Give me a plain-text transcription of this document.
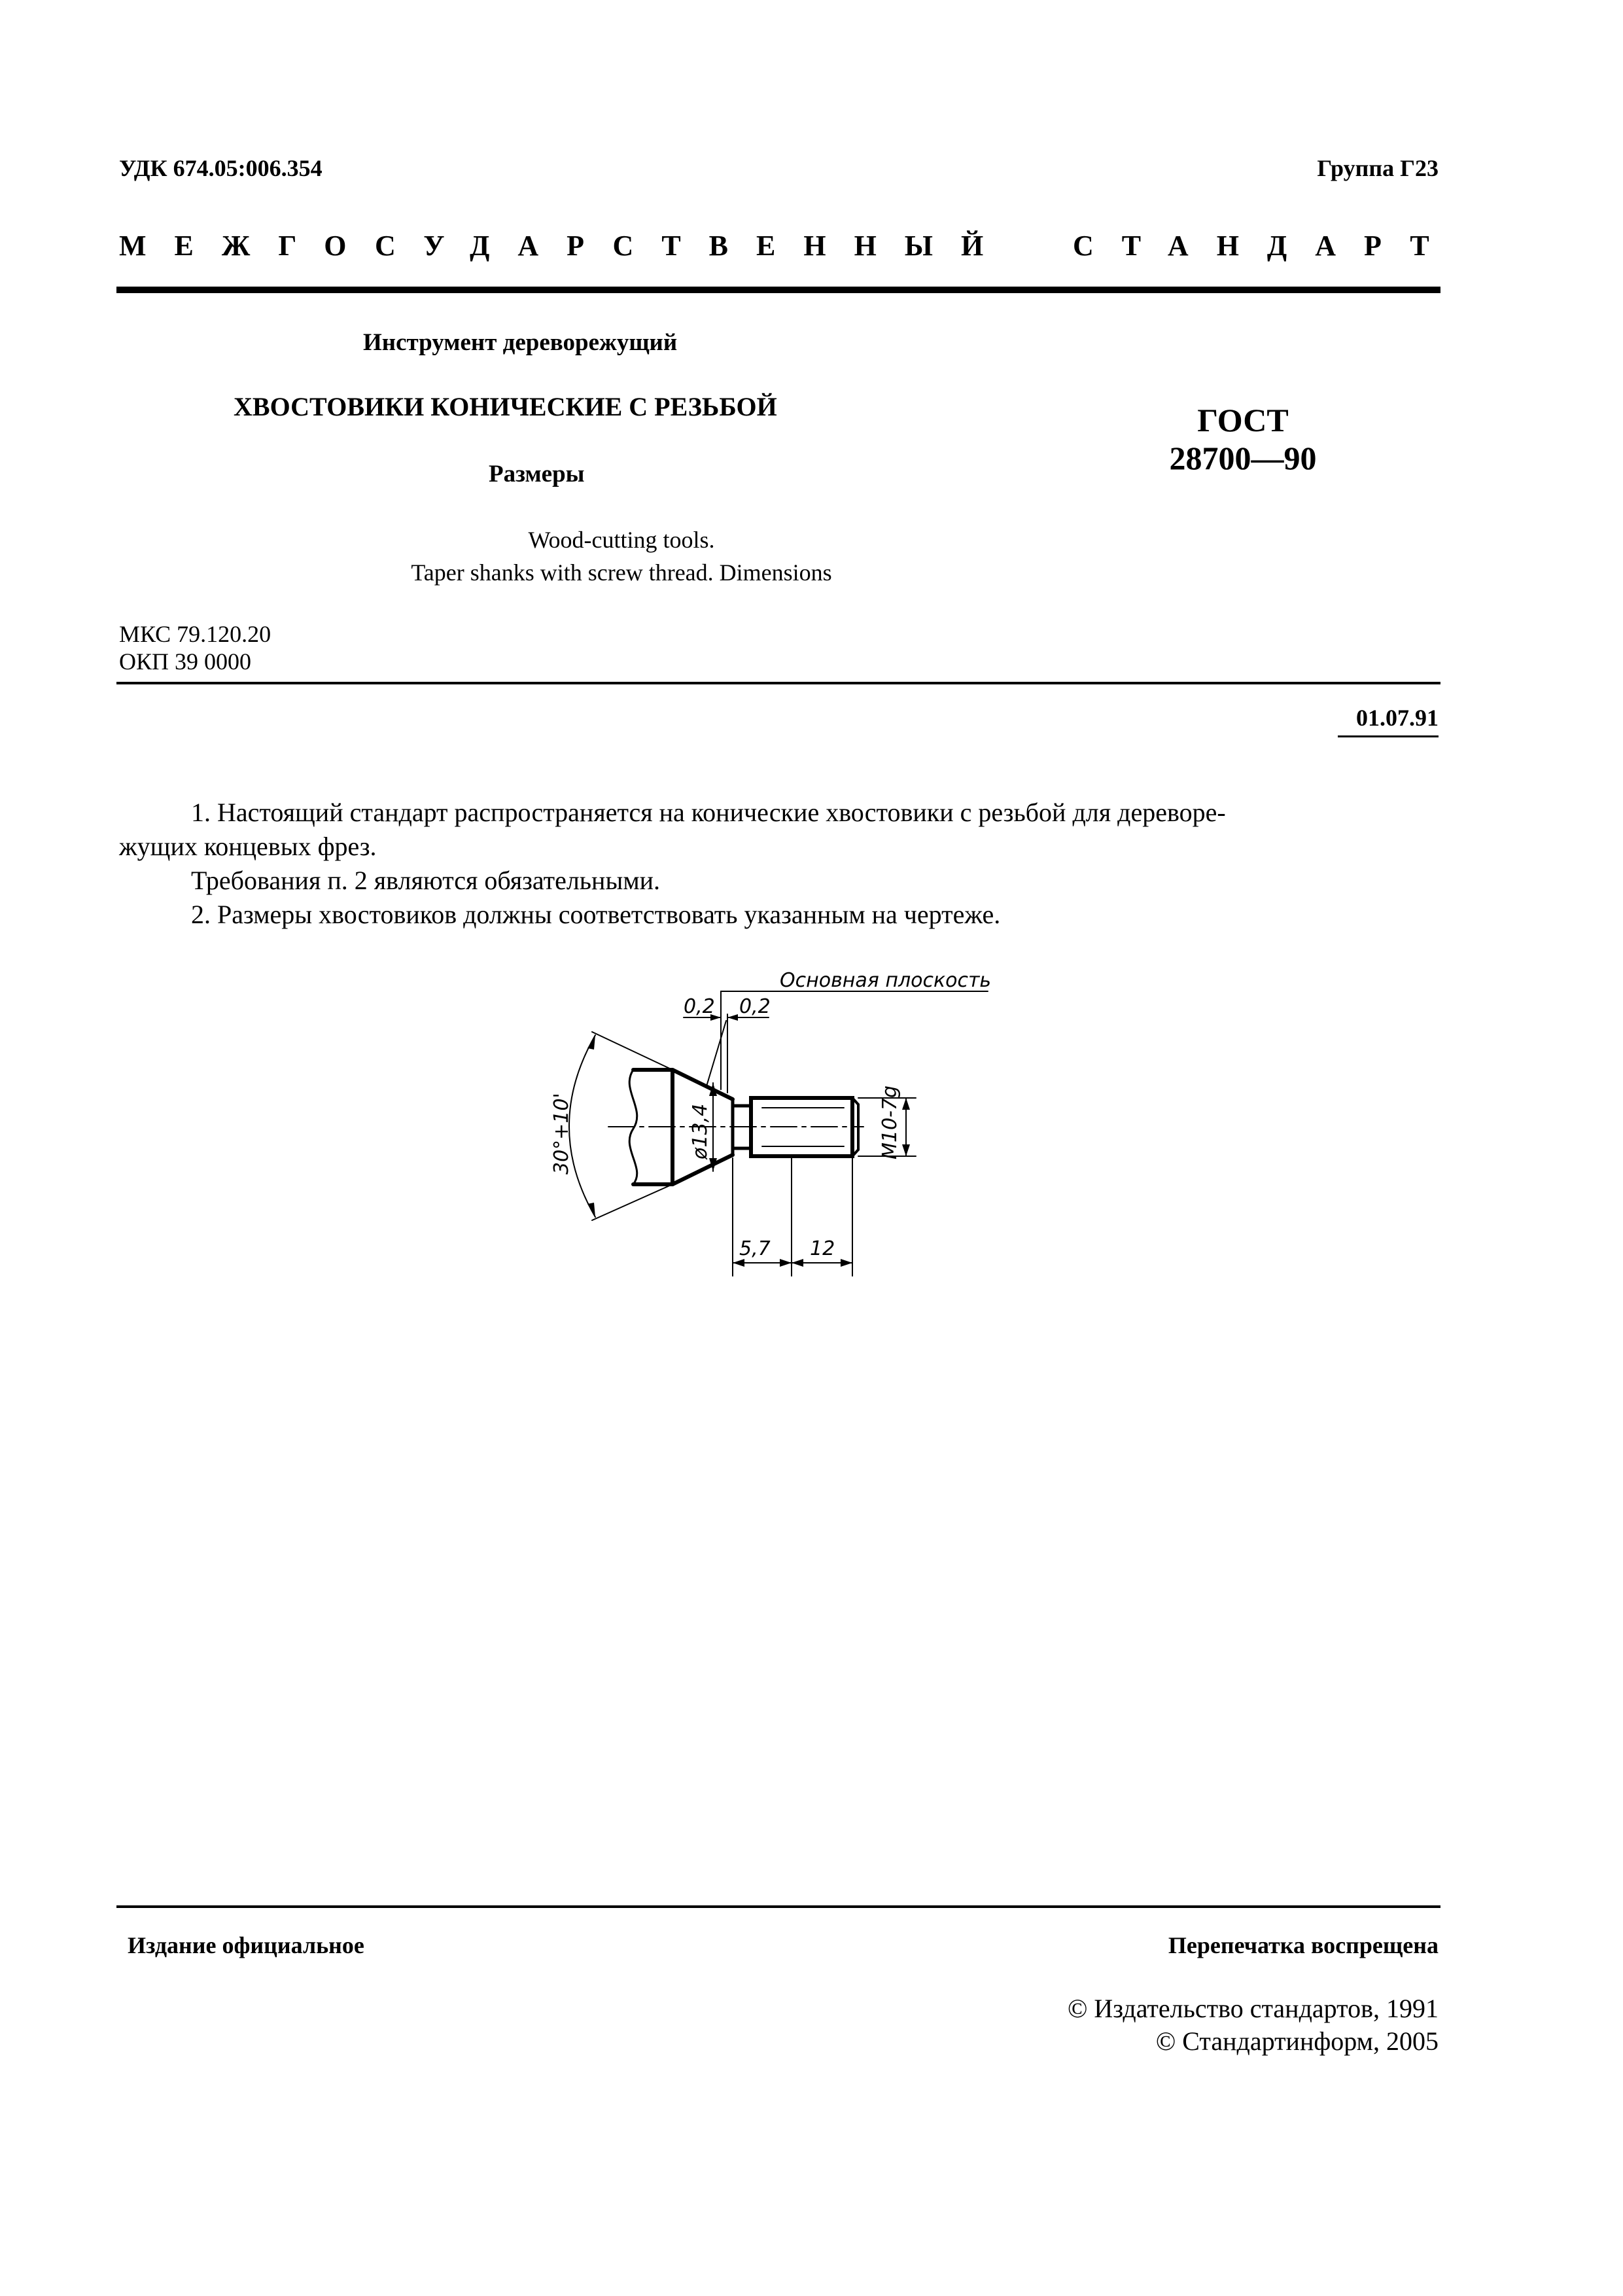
УДК 674.05:006.354	Группа Г23
МЕЖГОСУДАРСТВЕННЫЙ СТАНДАРТ
Инструмент дереворежущий
ХВОСТОВИКИ КОНИЧЕСКИЕ С РЕЗЬБОЙ
Размеры
ГОСТ
28700—90
Wood-cutting tools.
Taper shanks with screw thread. Dimensions
МКС 79.120.20
ОКП 39 0000
01.07.91
1. Настоящий стандарт распространяется на конические хвостовики с резьбой для деревоpе-
жущих концевых фрез.
Требования п. 2 являются обязательными.
2. Размеры хвостовиков должны соответствовать указанным на чертеже.
Основная плоскость
0,2 0,2
30°+10'	ø13,4	M10-7g
5,7 12
Издание официальное	Перепечатка воспрещена
© Издательство стандартов, 1991
© Стандартинформ, 2005
